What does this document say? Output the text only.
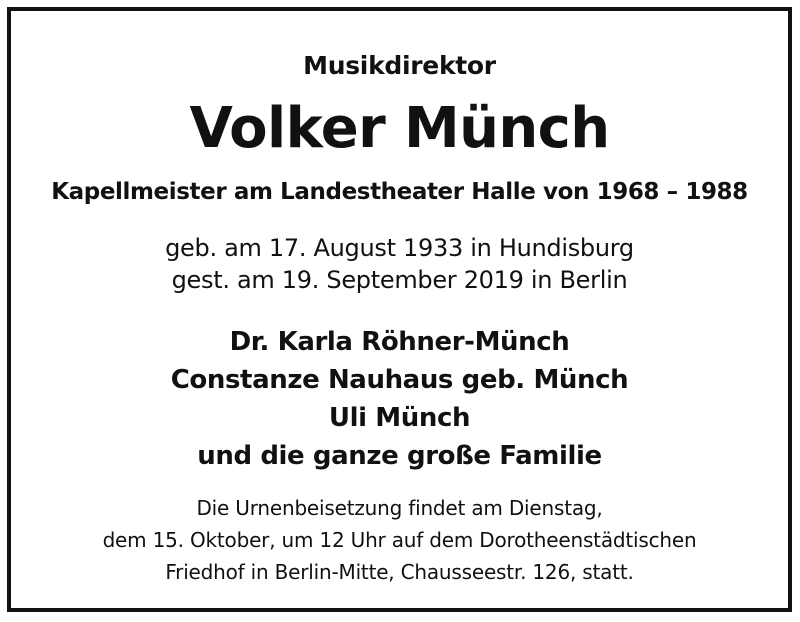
Musikdirektor
Volker Münch
Kapellmeister am Landestheater Halle von 1968 – 1988
geb. am 17. August 1933 in Hundisburg
gest. am 19. September 2019 in Berlin
Dr. Karla Röhner-Münch
Constanze Nauhaus geb. Münch
Uli Münch
und die ganze große Familie
Die Urnenbeisetzung findet am Dienstag,
dem 15. Oktober, um 12 Uhr auf dem Dorotheenstädtischen
Friedhof in Berlin-Mitte, Chausseestr. 126, statt.
